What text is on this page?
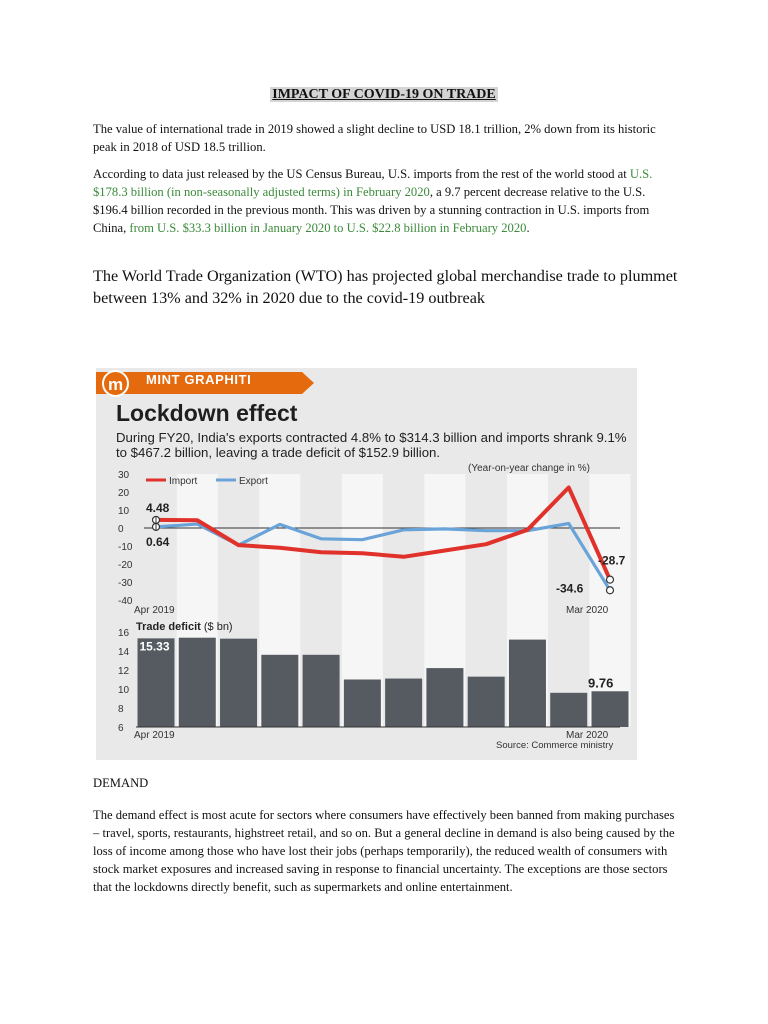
IMPACT OF COVID-19 ON TRADE

The value of international trade in 2019 showed a slight decline to USD 18.1 trillion, 2% down from its historic peak in 2018 of USD 18.5 trillion.

According to data just released by the US Census Bureau, U.S. imports from the rest of the world stood at U.S. $178.3 billion (in non-seasonally adjusted terms) in February 2020, a 9.7 percent decrease relative to the U.S. $196.4 billion recorded in the previous month. This was driven by a stunning contraction in U.S. imports from China, from U.S. $33.3 billion in January 2020 to U.S. $22.8 billion in February 2020.

The World Trade Organization (WTO) has projected global merchandise trade to plummet between 13% and 32% in 2020 due to the covid-19 outbreak

m	MINT GRAPHITI
Lockdown effect
During FY20, India's exports contracted 4.8% to $314.3 billion and imports shrank 9.1% to $467.2 billion, leaving a trade deficit of $152.9 billion.
30
20
10
0
-10
-20
-30
-40
(Year-on-year change in %)
Import	Export
4.48
0.64
-28.7
-34.6
Apr 2019	Mar 2020
Trade deficit ($ bn)
16
14
12
10
8
6
15.33
9.76
Apr 2019	Mar 2020
Source: Commerce ministry
DEMAND

The demand effect is most acute for sectors where consumers have effectively been banned from making purchases – travel, sports, restaurants, highstreet retail, and so on. But a general decline in demand is also being caused by the loss of income among those who have lost their jobs (perhaps temporarily), the reduced wealth of consumers with stock market exposures and increased saving in response to financial uncertainty. The exceptions are those sectors that the lockdowns directly benefit, such as supermarkets and online entertainment.
